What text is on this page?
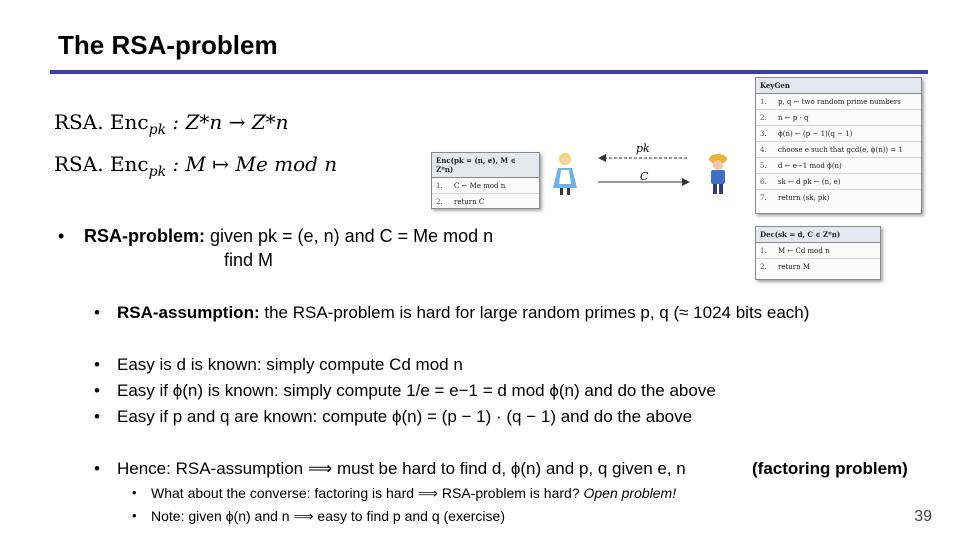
The RSA-problem
RSA. Enc$_{pk}$ : Z*n → Z*n
RSA. Enc$_{pk}$ : M ↦ Me mod n
• RSA-problem: given pk = (e, n) and C = Me mod n
find M
• RSA-assumption: the RSA-problem is hard for large random primes p, q (≈ 1024 bits each)
• Easy is d is known: simply compute Cd mod n
• Easy if ϕ(n) is known: simply compute 1/e = e−1 = d mod ϕ(n) and do the above
• Easy if p and q are known: compute ϕ(n) = (p − 1) · (q − 1) and do the above
• Hence: RSA-assumption ⟹ must be hard to find d, ϕ(n) and p, q given e, n	(factoring problem)
• What about the converse: factoring is hard ⟹ RSA-problem is hard? Open problem!
• Note: given ϕ(n) and n ⟹ easy to find p and q (exercise)
Enc(pk = (n, e), M ∈ Z*n)
1.	C ← Me mod n
2.	return C
pk
C
KeyGen
1.	p, q ← two random prime numbers
2.	n ← p · q
3.	ϕ(n) ← (p − 1)(q − 1)
4.	choose e such that gcd(e, ϕ(n)) = 1
5.	d ← e−1 mod ϕ(n)
6.	sk ← d pk ← (n, e)
7.	return (sk, pk)
Dec(sk = d, C ∈ Z*n)
1.	M ← Cd mod n
2.	return M
39
